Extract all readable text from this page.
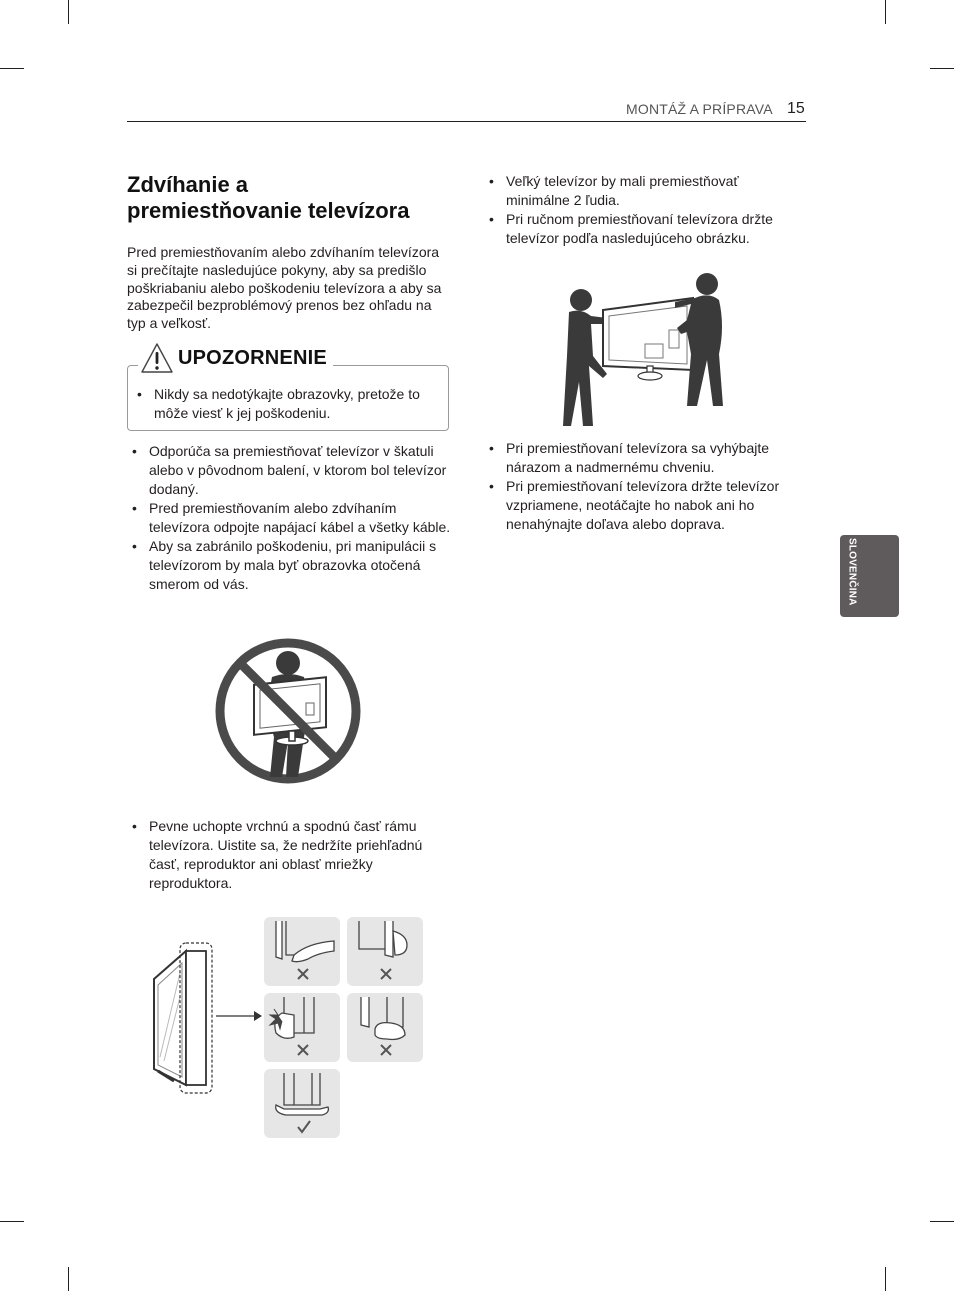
MONTÁŽ A PRÍPRAVA 15
Zdvíhanie a
premiestňovanie televízora

Pred premiestňovaním alebo zdvíhaním televízora si prečítajte nasledujúce pokyny, aby sa predišlo poškriabaniu alebo poškodeniu televízora a aby sa zabezpečil bezproblémový prenos bez ohľadu na typ a veľkosť.

UPOZORNENIE
• Nikdy sa nedotýkajte obrazovky, pretože to môže viesť k jej poškodeniu.
• Odporúča sa premiestňovať televízor v škatuli alebo v pôvodnom balení, v ktorom bol televízor dodaný.
• Pred premiestňovaním alebo zdvíhaním televízora odpojte napájací kábel a všetky káble.
• Aby sa zabránilo poškodeniu, pri manipulácii s televízorom by mala byť obrazovka otočená smerom od vás.
• Pevne uchopte vrchnú a spodnú časť rámu televízora. Uistite sa, že nedržíte priehľadnú časť, reproduktor ani oblasť mriežky reproduktora.
• Veľký televízor by mali premiestňovať minimálne 2 ľudia.
• Pri ručnom premiestňovaní televízora držte televízor podľa nasledujúceho obrázku.
• Pri premiestňovaní televízora sa vyhýbajte nárazom a nadmernému chveniu.
• Pri premiestňovaní televízora držte televízor vzpriamene, neotáčajte ho nabok ani ho nenahýnajte doľava alebo doprava.
SLOVENČINA
